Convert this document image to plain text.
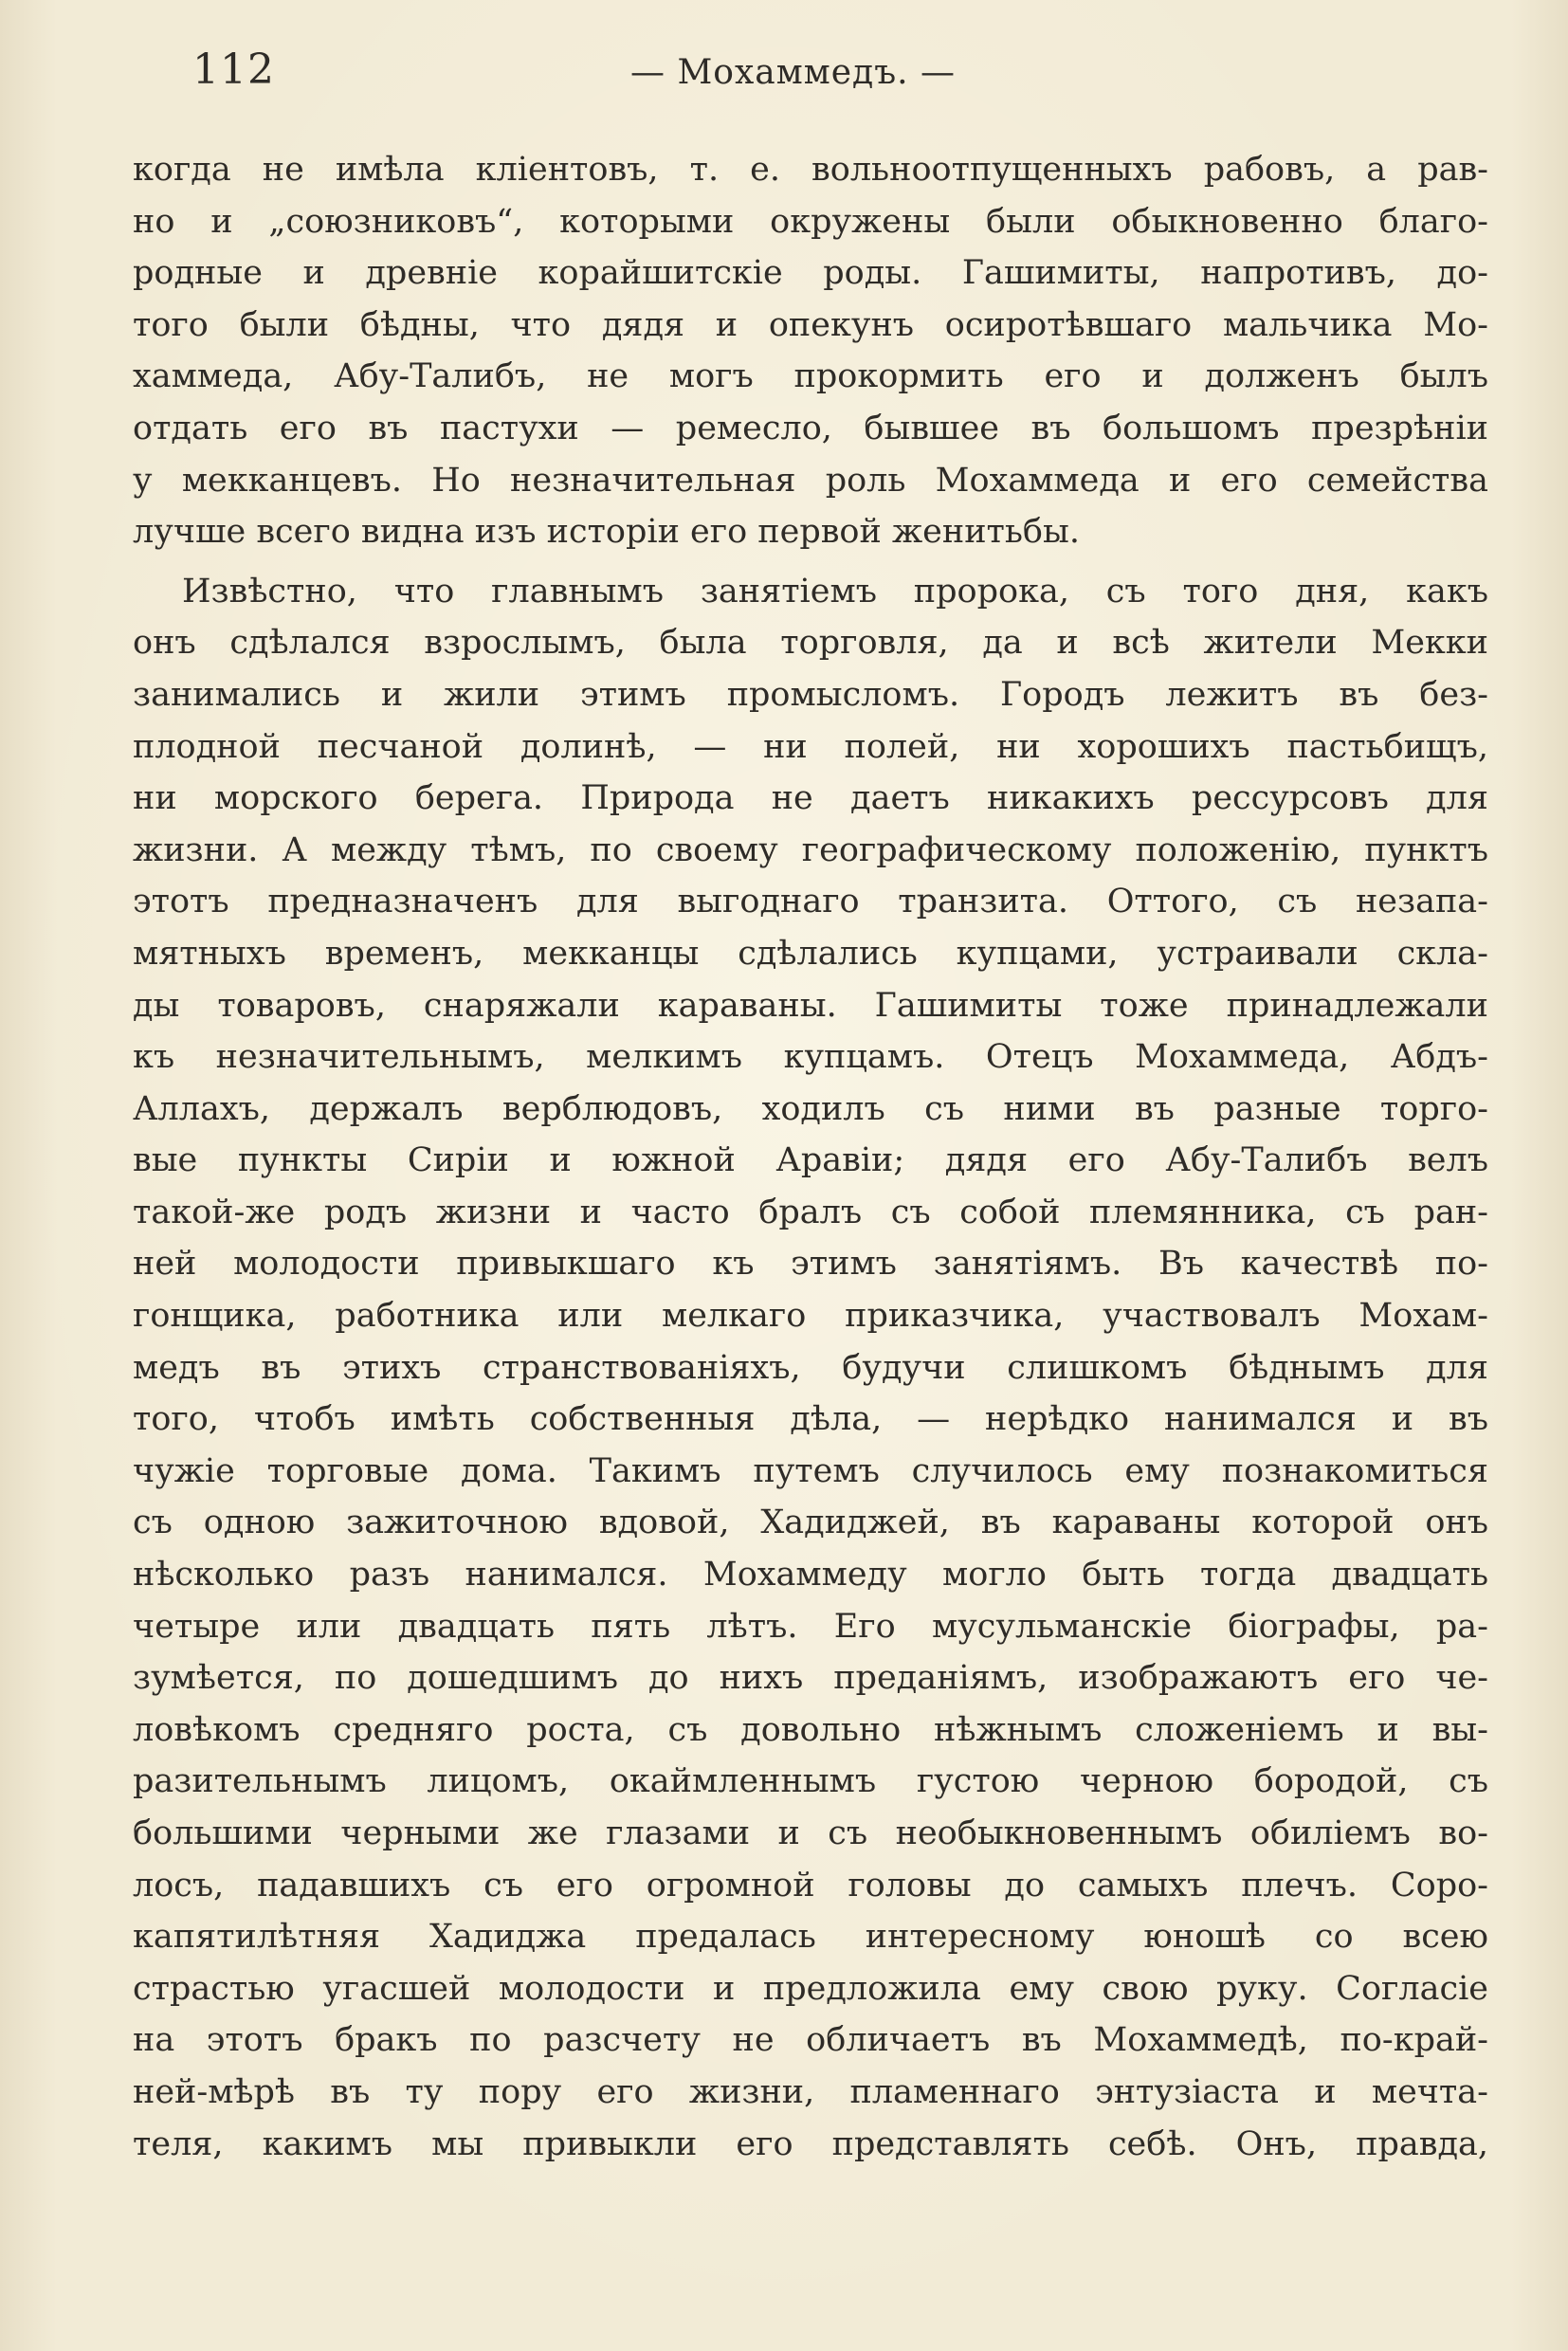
112	— Мохаммедъ. —
когда не имѣла кліентовъ, т. е. вольноотпущенныхъ рабовъ, а рав-
но и „союзниковъ“, которыми окружены были обыкновенно благо-
родные и древніе корайшитскіе роды. Гашимиты, напротивъ, до-
того были бѣдны, что дядя и опекунъ осиротѣвшаго мальчика Мо-
хаммеда, Абу-Талибъ, не могъ прокормить его и долженъ былъ
отдать его въ пастухи — ремесло, бывшее въ большомъ презрѣніи
у мекканцевъ. Но незначительная роль Мохаммеда и его семейства
лучше всего видна изъ исторіи его первой женитьбы.
Извѣстно, что главнымъ занятіемъ пророка, съ того дня, какъ
онъ сдѣлался взрослымъ, была торговля, да и всѣ жители Мекки
занимались и жили этимъ промысломъ. Городъ лежитъ въ без-
плодной песчаной долинѣ, — ни полей, ни хорошихъ пастьбищъ,
ни морского берега. Природа не даетъ никакихъ рессурсовъ для
жизни. А между тѣмъ, по своему географическому положенію, пунктъ
этотъ предназначенъ для выгоднаго транзита. Оттого, съ незапа-
мятныхъ временъ, мекканцы сдѣлались купцами, устраивали скла-
ды товаровъ, снаряжали караваны. Гашимиты тоже принадлежали
къ незначительнымъ, мелкимъ купцамъ. Отецъ Мохаммеда, Абдъ-
Аллахъ, держалъ верблюдовъ, ходилъ съ ними въ разные торго-
вые пункты Сиріи и южной Аравіи; дядя его Абу-Талибъ велъ
такой-же родъ жизни и часто бралъ съ собой племянника, съ ран-
ней молодости привыкшаго къ этимъ занятіямъ. Въ качествѣ по-
гонщика, работника или мелкаго приказчика, участвовалъ Мохам-
медъ въ этихъ странствованіяхъ, будучи слишкомъ бѣднымъ для
того, чтобъ имѣть собственныя дѣла, — нерѣдко нанимался и въ
чужіе торговые дома. Такимъ путемъ случилось ему познакомиться
съ одною зажиточною вдовой, Хадиджей, въ караваны которой онъ
нѣсколько разъ нанимался. Мохаммеду могло быть тогда двадцать
четыре или двадцать пять лѣтъ. Его мусульманскіе біографы, ра-
зумѣется, по дошедшимъ до нихъ преданіямъ, изображаютъ его че-
ловѣкомъ средняго роста, съ довольно нѣжнымъ сложеніемъ и вы-
разительнымъ лицомъ, окаймленнымъ густою черною бородой, съ
большими черными же глазами и съ необыкновеннымъ обиліемъ во-
лосъ, падавшихъ съ его огромной головы до самыхъ плечъ. Соро-
капятилѣтняя Хадиджа предалась интересному юношѣ со всею
страстью угасшей молодости и предложила ему свою руку. Согласіе
на этотъ бракъ по разсчету не обличаетъ въ Мохаммедѣ, по-край-
ней-мѣрѣ въ ту пору его жизни, пламеннаго энтузіаста и мечта-
теля, какимъ мы привыкли его представлять себѣ. Онъ, правда,
